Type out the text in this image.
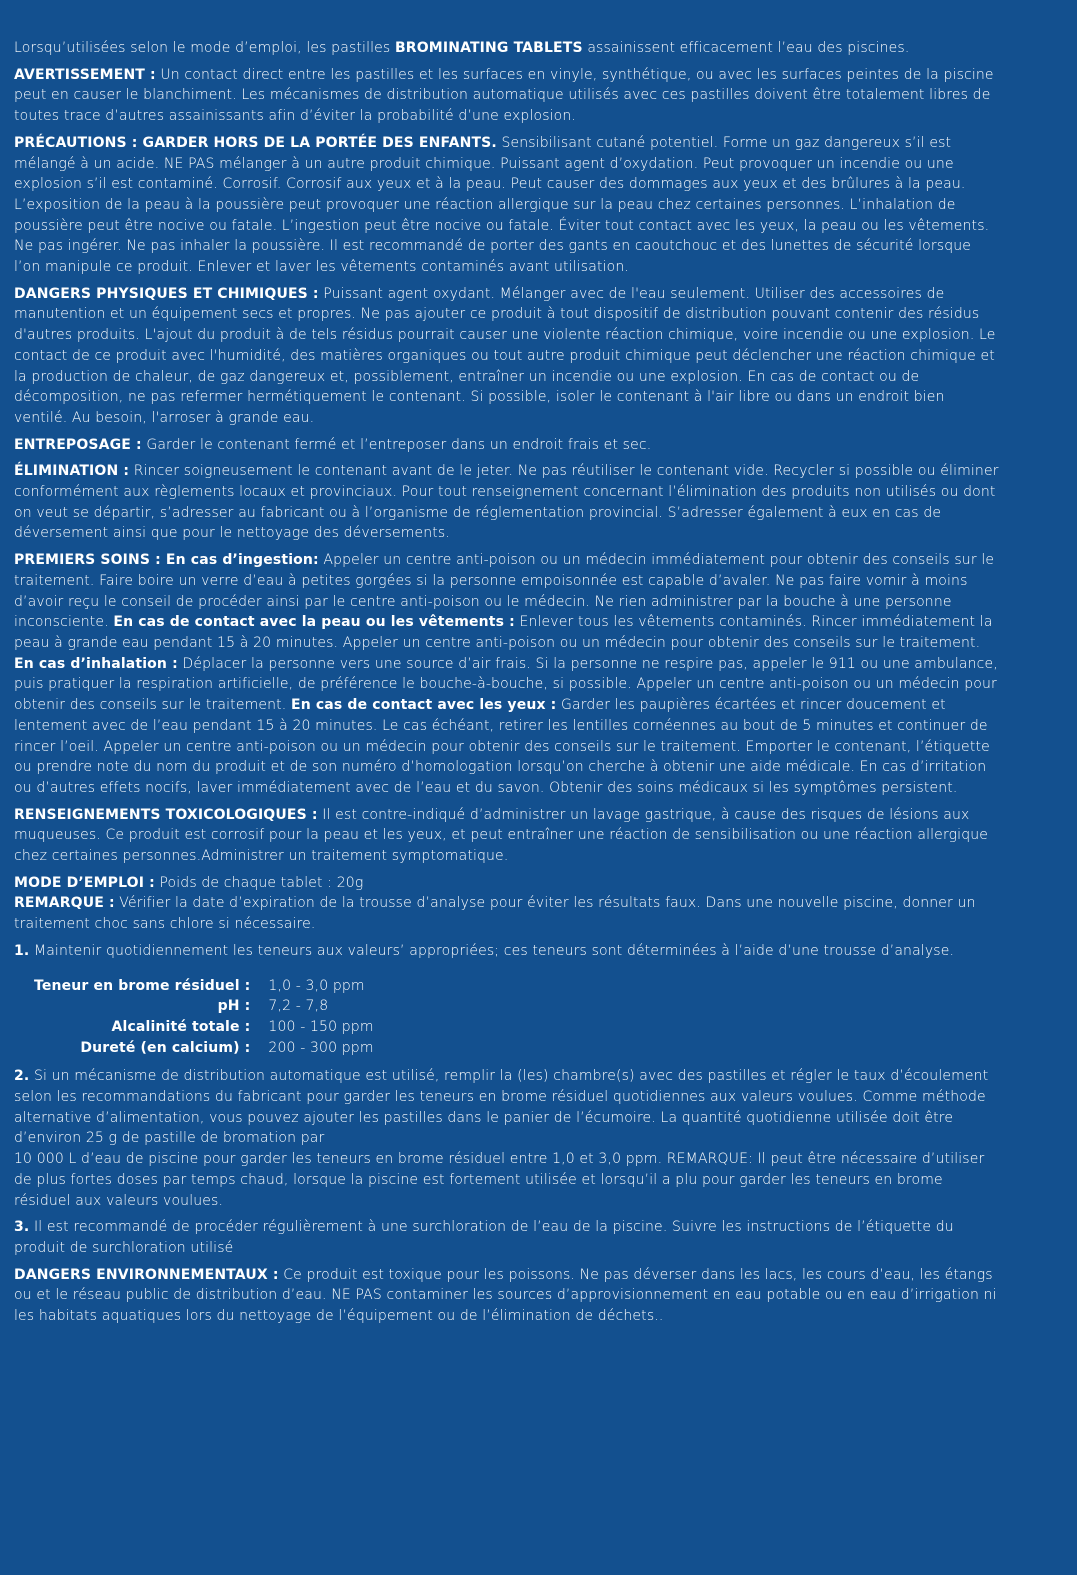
Lorsqu’utilisées selon le mode d’emploi, les pastilles BROMINATING TABLETS assainissent efficacement l’eau des piscines.

AVERTISSEMENT : Un contact direct entre les pastilles et les surfaces en vinyle, synthétique, ou avec les surfaces peintes de la piscine peut en causer le blanchiment. Les mécanismes de distribution automatique utilisés avec ces pastilles doivent être totalement libres de toutes trace d’autres assainissants afin d’éviter la probabilité d’une explosion.

PRÉCAUTIONS : GARDER HORS DE LA PORTÉE DES ENFANTS. Sensibilisant cutané potentiel. Forme un gaz dangereux s’il est mélangé à un acide. NE PAS mélanger à un autre produit chimique. Puissant agent d’oxydation. Peut provoquer un incendie ou une explosion s’il est contaminé. Corrosif. Corrosif aux yeux et à la peau. Peut causer des dommages aux yeux et des brûlures à la peau. L’exposition de la peau à la poussière peut provoquer une réaction allergique sur la peau chez certaines personnes. L’inhalation de poussière peut être nocive ou fatale. L’ingestion peut être nocive ou fatale. Éviter tout contact avec les yeux, la peau ou les vêtements. Ne pas ingérer. Ne pas inhaler la poussière. Il est recommandé de porter des gants en caoutchouc et des lunettes de sécurité lorsque l’on manipule ce produit. Enlever et laver les vêtements contaminés avant utilisation.

DANGERS PHYSIQUES ET CHIMIQUES : Puissant agent oxydant. Mélanger avec de l'eau seulement. Utiliser des accessoires de manutention et un équipement secs et propres. Ne pas ajouter ce produit à tout dispositif de distribution pouvant contenir des résidus d'autres produits. L'ajout du produit à de tels résidus pourrait causer une violente réaction chimique, voire incendie ou une explosion. Le contact de ce produit avec l'humidité, des matières organiques ou tout autre produit chimique peut déclencher une réaction chimique et la production de chaleur, de gaz dangereux et, possiblement, entraîner un incendie ou une explosion. En cas de contact ou de décomposition, ne pas refermer hermétiquement le contenant. Si possible, isoler le contenant à l'air libre ou dans un endroit bien ventilé. Au besoin, l'arroser à grande eau.

ENTREPOSAGE : Garder le contenant fermé et l’entreposer dans un endroit frais et sec.

ÉLIMINATION : Rincer soigneusement le contenant avant de le jeter. Ne pas réutiliser le contenant vide. Recycler si possible ou éliminer conformément aux règlements locaux et provinciaux. Pour tout renseignement concernant l’élimination des produits non utilisés ou dont on veut se départir, s’adresser au fabricant ou à l’organisme de réglementation provincial. S’adresser également à eux en cas de déversement ainsi que pour le nettoyage des déversements.

PREMIERS SOINS : En cas d’ingestion: Appeler un centre anti-poison ou un médecin immédiatement pour obtenir des conseils sur le traitement. Faire boire un verre d’eau à petites gorgées si la personne empoisonnée est capable d’avaler. Ne pas faire vomir à moins d’avoir reçu le conseil de procéder ainsi par le centre anti-poison ou le médecin. Ne rien administrer par la bouche à une personne inconsciente. En cas de contact avec la peau ou les vêtements : Enlever tous les vêtements contaminés. Rincer immédiatement la peau à grande eau pendant 15 à 20 minutes. Appeler un centre anti-poison ou un médecin pour obtenir des conseils sur le traitement. En cas d’inhalation : Déplacer la personne vers une source d’air frais. Si la personne ne respire pas, appeler le 911 ou une ambulance, puis pratiquer la respiration artificielle, de préférence le bouche-à-bouche, si possible. Appeler un centre anti-poison ou un médecin pour obtenir des conseils sur le traitement. En cas de contact avec les yeux : Garder les paupières écartées et rincer doucement et lentement avec de l’eau pendant 15 à 20 minutes. Le cas échéant, retirer les lentilles cornéennes au bout de 5 minutes et continuer de rincer l’oeil. Appeler un centre anti-poison ou un médecin pour obtenir des conseils sur le traitement. Emporter le contenant, l’étiquette ou prendre note du nom du produit et de son numéro d’homologation lorsqu’on cherche à obtenir une aide médicale. En cas d’irritation ou d’autres effets nocifs, laver immédiatement avec de l’eau et du savon. Obtenir des soins médicaux si les symptômes persistent.

RENSEIGNEMENTS TOXICOLOGIQUES : Il est contre-indiqué d’administrer un lavage gastrique, à cause des risques de lésions aux muqueuses. Ce produit est corrosif pour la peau et les yeux, et peut entraîner une réaction de sensibilisation ou une réaction allergique chez certaines personnes.Administrer un traitement symptomatique.

MODE D’EMPLOI : Poids de chaque tablet : 20g

REMARQUE : Vérifier la date d’expiration de la trousse d’analyse pour éviter les résultats faux. Dans une nouvelle piscine, donner un traitement choc sans chlore si nécessaire.

1. Maintenir quotidiennement les teneurs aux valeurs’ appropriées; ces teneurs sont déterminées à l’aide d’une trousse d’analyse.

Teneur en brome résiduel :	1,0 - 3,0 ppm
pH :	7,2 - 7,8
Alcalinité totale :	100 - 150 ppm
Dureté (en calcium) :	200 - 300 ppm

2. Si un mécanisme de distribution automatique est utilisé, remplir la (les) chambre(s) avec des pastilles et régler le taux d’écoulement selon les recommandations du fabricant pour garder les teneurs en brome résiduel quotidiennes aux valeurs voulues. Comme méthode alternative d’alimentation, vous pouvez ajouter les pastilles dans le panier de l’écumoire. La quantité quotidienne utilisée doit être d’environ 25 g de pastille de bromation par
10 000 L d’eau de piscine pour garder les teneurs en brome résiduel entre 1,0 et 3,0 ppm. REMARQUE: Il peut être nécessaire d’utiliser de plus fortes doses par temps chaud, lorsque la piscine est fortement utilisée et lorsqu’il a plu pour garder les teneurs en brome résiduel aux valeurs voulues.

3. Il est recommandé de procéder régulièrement à une surchloration de l’eau de la piscine. Suivre les instructions de l’étiquette du produit de surchloration utilisé

DANGERS ENVIRONNEMENTAUX : Ce produit est toxique pour les poissons. Ne pas déverser dans les lacs, les cours d’eau, les étangs ou et le réseau public de distribution d’eau. NE PAS contaminer les sources d’approvisionnement en eau potable ou en eau d’irrigation ni les habitats aquatiques lors du nettoyage de l’équipement ou de l’élimination de déchets..
